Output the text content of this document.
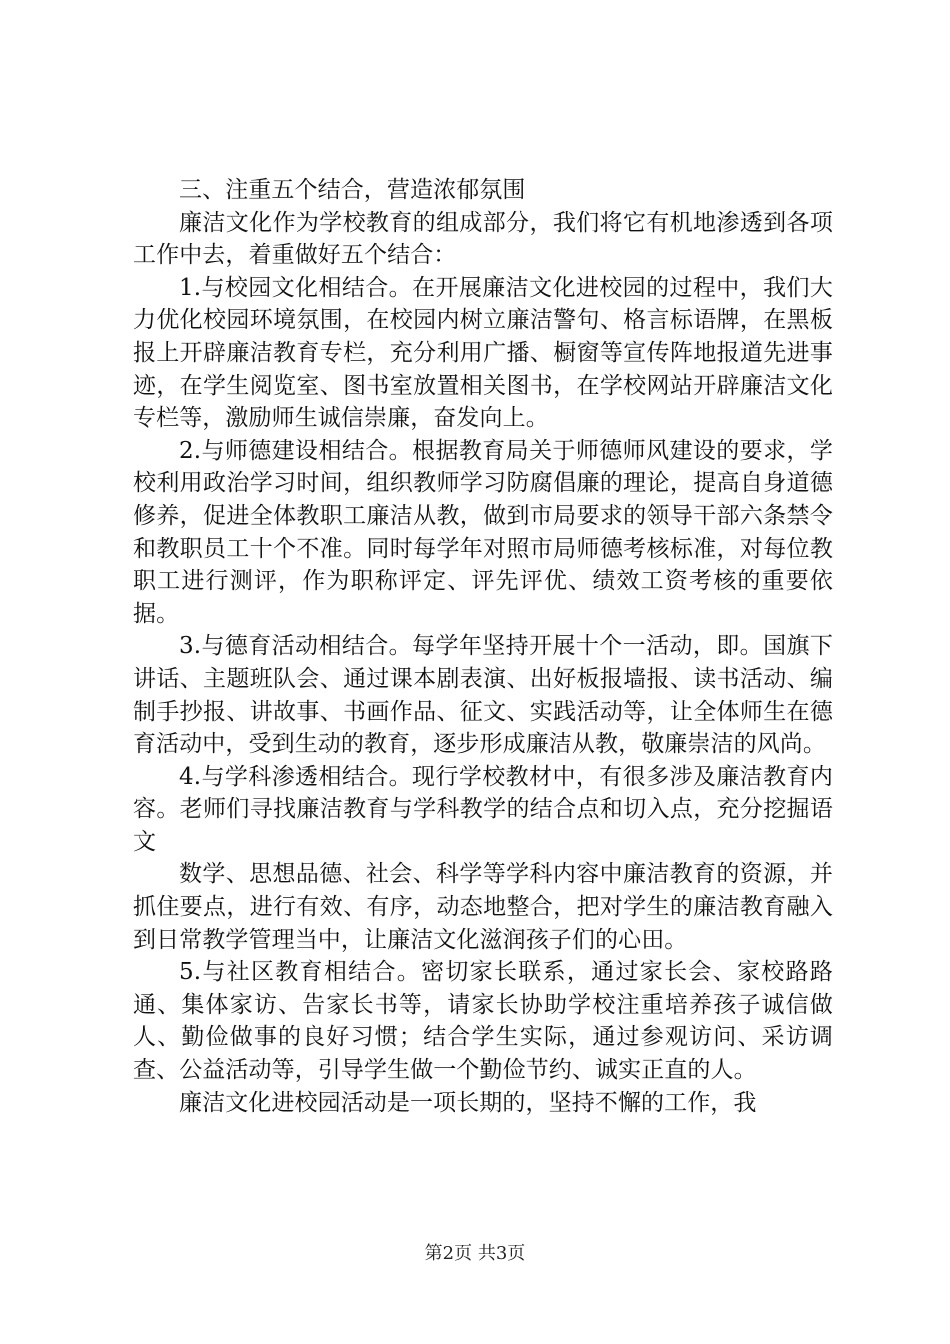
三、注重五个结合，营造浓郁氛围

廉洁文化作为学校教育的组成部分，我们将它有机地渗透到各项工作中去，着重做好五个结合：

1.与校园文化相结合。在开展廉洁文化进校园的过程中，我们大力优化校园环境氛围，在校园内树立廉洁警句、格言标语牌，在黑板报上开辟廉洁教育专栏，充分利用广播、橱窗等宣传阵地报道先进事迹，在学生阅览室、图书室放置相关图书，在学校网站开辟廉洁文化专栏等，激励师生诚信崇廉，奋发向上。

2.与师德建设相结合。根据教育局关于师德师风建设的要求，学校利用政治学习时间，组织教师学习防腐倡廉的理论，提高自身道德修养，促进全体教职工廉洁从教，做到市局要求的领导干部六条禁令和教职员工十个不准。同时每学年对照市局师德考核标准，对每位教职工进行测评，作为职称评定、评先评优、绩效工资考核的重要依据。

3.与德育活动相结合。每学年坚持开展十个一活动，即。国旗下讲话、主题班队会、通过课本剧表演、出好板报墙报、读书活动、编制手抄报、讲故事、书画作品、征文、实践活动等，让全体师生在德育活动中，受到生动的教育，逐步形成廉洁从教，敬廉崇洁的风尚。

4.与学科渗透相结合。现行学校教材中，有很多涉及廉洁教育内容。老师们寻找廉洁教育与学科教学的结合点和切入点，充分挖掘语文

数学、思想品德、社会、科学等学科内容中廉洁教育的资源，并抓住要点，进行有效、有序，动态地整合，把对学生的廉洁教育融入到日常教学管理当中，让廉洁文化滋润孩子们的心田。

5.与社区教育相结合。密切家长联系，通过家长会、家校路路通、集体家访、告家长书等，请家长协助学校注重培养孩子诚信做人、勤俭做事的良好习惯；结合学生实际，通过参观访问、采访调查、公益活动等，引导学生做一个勤俭节约、诚实正直的人。

廉洁文化进校园活动是一项长期的，坚持不懈的工作，我

第2页 共3页
